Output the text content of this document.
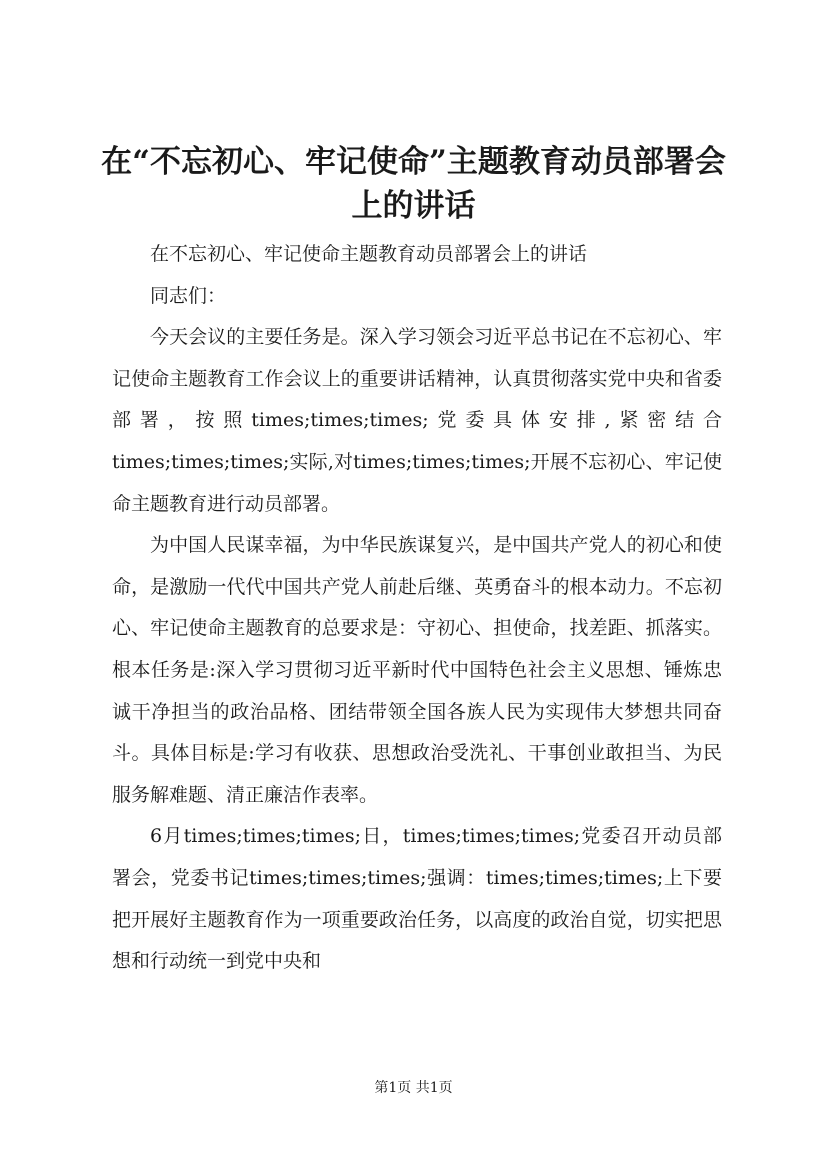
在“不忘初心、牢记使命”主题教育动员部署会上的讲话

在不忘初心、牢记使命主题教育动员部署会上的讲话

同志们：

今天会议的主要任务是。深入学习领会习近平总书记在不忘初心、牢记使命主题教育工作会议上的重要讲话精神，认真贯彻落实党中央和省委部署，按照times;times;times;党委具体安排,紧密结合times;times;times;实际,对times;times;times;开展不忘初心、牢记使命主题教育进行动员部署。

为中国人民谋幸福，为中华民族谋复兴，是中国共产党人的初心和使命，是激励一代代中国共产党人前赴后继、英勇奋斗的根本动力。不忘初心、牢记使命主题教育的总要求是：守初心、担使命，找差距、抓落实。根本任务是:深入学习贯彻习近平新时代中国特色社会主义思想、锤炼忠诚干净担当的政治品格、团结带领全国各族人民为实现伟大梦想共同奋斗。具体目标是:学习有收获、思想政治受洗礼、干事创业敢担当、为民服务解难题、清正廉洁作表率。

6月times;times;times;日，times;times;times;党委召开动员部署会，党委书记times;times;times;强调：times;times;times;上下要把开展好主题教育作为一项重要政治任务，以高度的政治自觉，切实把思想和行动统一到党中央和

第1页 共1页
